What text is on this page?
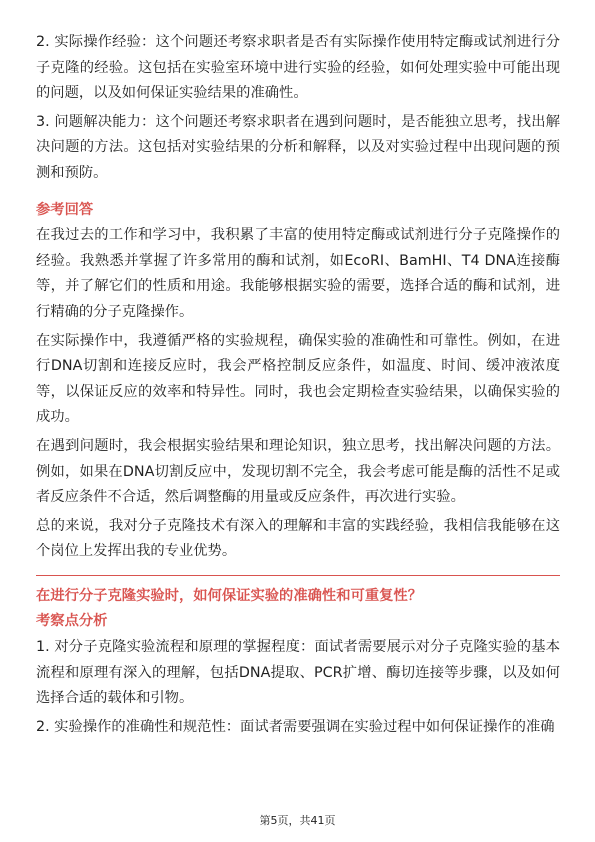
2. 实际操作经验：这个问题还考察求职者是否有实际操作使用特定酶或试剂进行分子克隆的经验。这包括在实验室环境中进行实验的经验，如何处理实验中可能出现的问题，以及如何保证实验结果的准确性。

3. 问题解决能力：这个问题还考察求职者在遇到问题时，是否能独立思考，找出解决问题的方法。这包括对实验结果的分析和解释，以及对实验过程中出现问题的预测和预防。

参考回答

在我过去的工作和学习中，我积累了丰富的使用特定酶或试剂进行分子克隆操作的经验。我熟悉并掌握了许多常用的酶和试剂，如EcoRI、BamHI、T4 DNA连接酶等，并了解它们的性质和用途。我能够根据实验的需要，选择合适的酶和试剂，进行精确的分子克隆操作。

在实际操作中，我遵循严格的实验规程，确保实验的准确性和可靠性。例如，在进行DNA切割和连接反应时，我会严格控制反应条件，如温度、时间、缓冲液浓度等，以保证反应的效率和特异性。同时，我也会定期检查实验结果，以确保实验的成功。

在遇到问题时，我会根据实验结果和理论知识，独立思考，找出解决问题的方法。例如，如果在DNA切割反应中，发现切割不完全，我会考虑可能是酶的活性不足或者反应条件不合适，然后调整酶的用量或反应条件，再次进行实验。

总的来说，我对分子克隆技术有深入的理解和丰富的实践经验，我相信我能够在这个岗位上发挥出我的专业优势。

在进行分子克隆实验时，如何保证实验的准确性和可重复性？

考察点分析

1. 对分子克隆实验流程和原理的掌握程度：面试者需要展示对分子克隆实验的基本流程和原理有深入的理解，包括DNA提取、PCR扩增、酶切连接等步骤，以及如何选择合适的载体和引物。

2. 实验操作的准确性和规范性：面试者需要强调在实验过程中如何保证操作的准确

第5页，共41页
